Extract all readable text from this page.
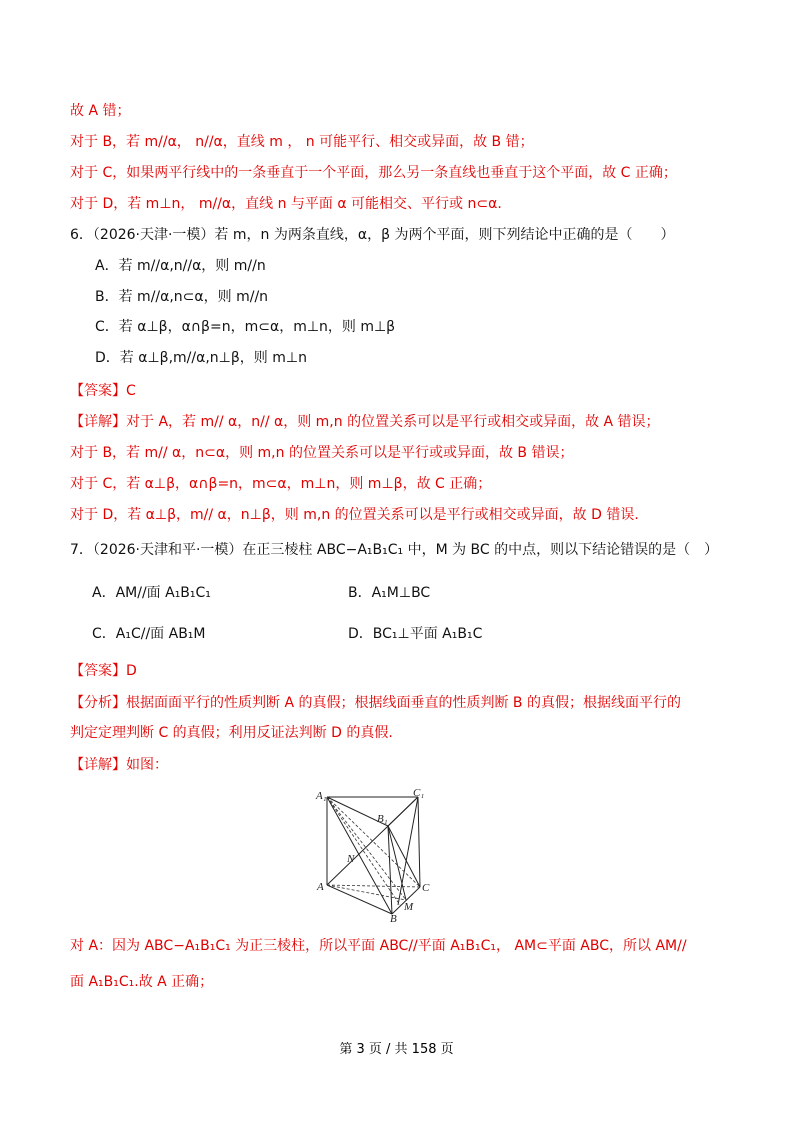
故 A 错；
对于 B，若 m//α， n//α，直线 m ， n 可能平行、相交或异面，故 B 错；
对于 C，如果两平行线中的一条垂直于一个平面，那么另一条直线也垂直于这个平面，故 C 正确；
对于 D，若 m⊥n， m//α，直线 n 与平面 α 可能相交、平行或 n⊂α.
6．（2026·天津·一模）若 m，n 为两条直线，α，β 为两个平面，则下列结论中正确的是（　　）
A．若 m//α,n//α，则 m//n
B．若 m//α,n⊂α，则 m//n
C．若 α⊥β，α∩β=n，m⊂α，m⊥n，则 m⊥β
D．若 α⊥β,m//α,n⊥β，则 m⊥n
【答案】C
【详解】对于 A，若 m// α，n// α，则 m,n 的位置关系可以是平行或相交或异面，故 A 错误；
对于 B，若 m// α，n⊂α，则 m,n 的位置关系可以是平行或或异面，故 B 错误；
对于 C，若 α⊥β，α∩β=n，m⊂α，m⊥n，则 m⊥β，故 C 正确；
对于 D，若 α⊥β，m// α，n⊥β，则 m,n 的位置关系可以是平行或相交或异面，故 D 错误.
7．（2026·天津和平·一模）在正三棱柱 ABC−A₁B₁C₁ 中，M 为 BC 的中点，则以下结论错误的是（　）
A．AM//面 A₁B₁C₁	B．A₁M⊥BC
C．A₁C//面 AB₁M	D．BC₁⊥平面 A₁B₁C
【答案】D
【分析】根据面面平行的性质判断 A 的真假；根据线面垂直的性质判断 B 的真假；根据线面平行的
判定定理判断 C 的真假；利用反证法判断 D 的真假.
【详解】如图：
对 A：因为 ABC−A₁B₁C₁ 为正三棱柱，所以平面 ABC//平面 A₁B₁C₁， AM⊂平面 ABC，所以 AM//
面 A₁B₁C₁.故 A 正确；
A₁	C₁
B₁
N
A	C
M
B
第 3 页 / 共 158 页
